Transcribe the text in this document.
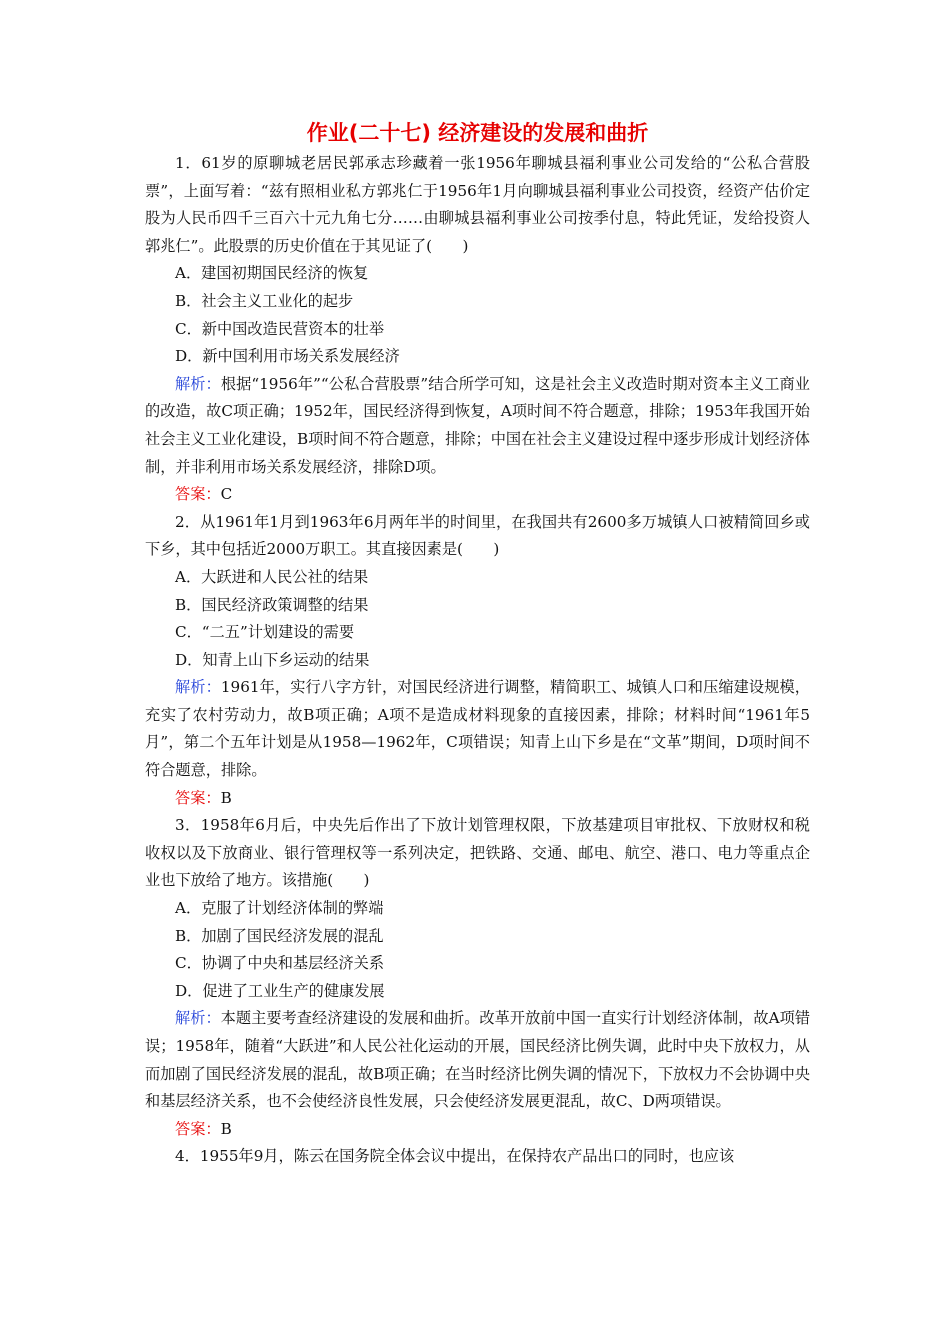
作业(二十七) 经济建设的发展和曲折

1．61岁的原聊城老居民郭承志珍藏着一张1956年聊城县福利事业公司发给的“公私合营股票”，上面写着：“兹有照相业私方郭兆仁于1956年1月向聊城县福利事业公司投资，经资产估价定股为人民币四千三百六十元九角七分……由聊城县福利事业公司按季付息，特此凭证，发给投资人郭兆仁”。此股票的历史价值在于其见证了(　　)

A．建国初期国民经济的恢复

B．社会主义工业化的起步

C．新中国改造民营资本的壮举

D．新中国利用市场关系发展经济

解析：根据“1956年”“公私合营股票”结合所学可知，这是社会主义改造时期对资本主义工商业的改造，故C项正确；1952年，国民经济得到恢复，A项时间不符合题意，排除；1953年我国开始社会主义工业化建设，B项时间不符合题意，排除；中国在社会主义建设过程中逐步形成计划经济体制，并非利用市场关系发展经济，排除D项。

答案：C

2．从1961年1月到1963年6月两年半的时间里，在我国共有2600多万城镇人口被精简回乡或下乡，其中包括近2000万职工。其直接因素是(　　)

A．大跃进和人民公社的结果

B．国民经济政策调整的结果

C．“二五”计划建设的需要

D．知青上山下乡运动的结果

解析：1961年，实行八字方针，对国民经济进行调整，精简职工、城镇人口和压缩建设规模，充实了农村劳动力，故B项正确；A项不是造成材料现象的直接因素，排除；材料时间“1961年5月”，第二个五年计划是从1958—1962年，C项错误；知青上山下乡是在“文革”期间，D项时间不符合题意，排除。

答案：B

3．1958年6月后，中央先后作出了下放计划管理权限，下放基建项目审批权、下放财权和税收权以及下放商业、银行管理权等一系列决定，把铁路、交通、邮电、航空、港口、电力等重点企业也下放给了地方。该措施(　　)

A．克服了计划经济体制的弊端

B．加剧了国民经济发展的混乱

C．协调了中央和基层经济关系

D．促进了工业生产的健康发展

解析：本题主要考查经济建设的发展和曲折。改革开放前中国一直实行计划经济体制，故A项错误；1958年，随着“大跃进”和人民公社化运动的开展，国民经济比例失调，此时中央下放权力，从而加剧了国民经济发展的混乱，故B项正确；在当时经济比例失调的情况下，下放权力不会协调中央和基层经济关系，也不会使经济良性发展，只会使经济发展更混乱，故C、D两项错误。

答案：B

4．1955年9月，陈云在国务院全体会议中提出，在保持农产品出口的同时，也应该
